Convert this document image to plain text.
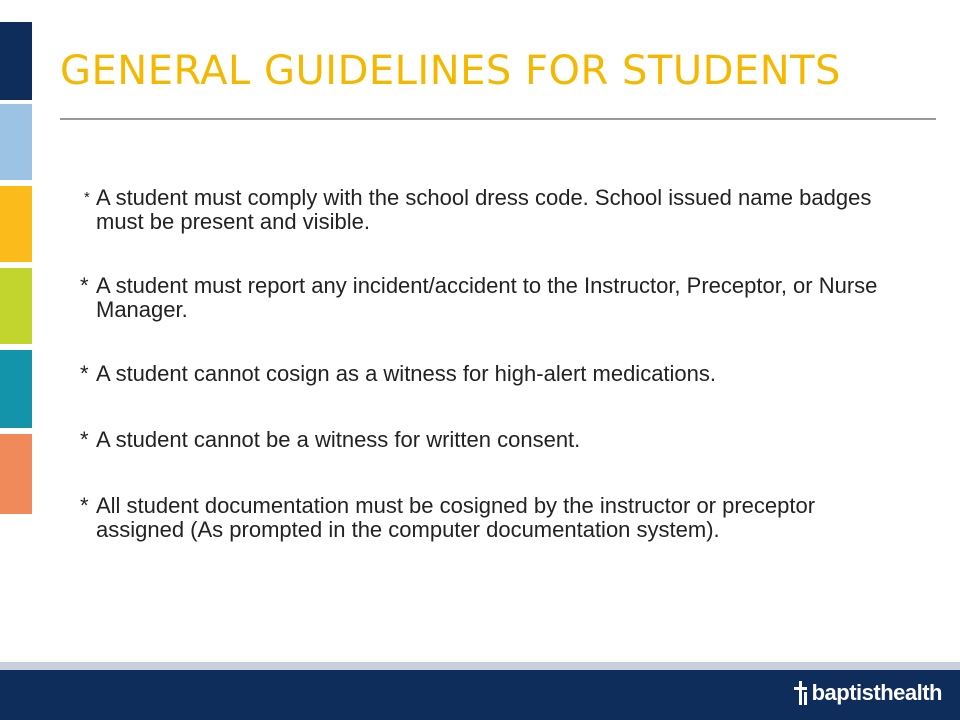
GENERAL GUIDELINES FOR STUDENTS
* A student must comply with the school dress code. School issued name badges must be present and visible.
* A student must report any incident/accident to the Instructor, Preceptor, or Nurse Manager.
* A student cannot cosign as a witness for high-alert medications.
* A student cannot be a witness for written consent.
* All student documentation must be cosigned by the instructor or preceptor assigned (As prompted in the computer documentation system).
baptisthealth
